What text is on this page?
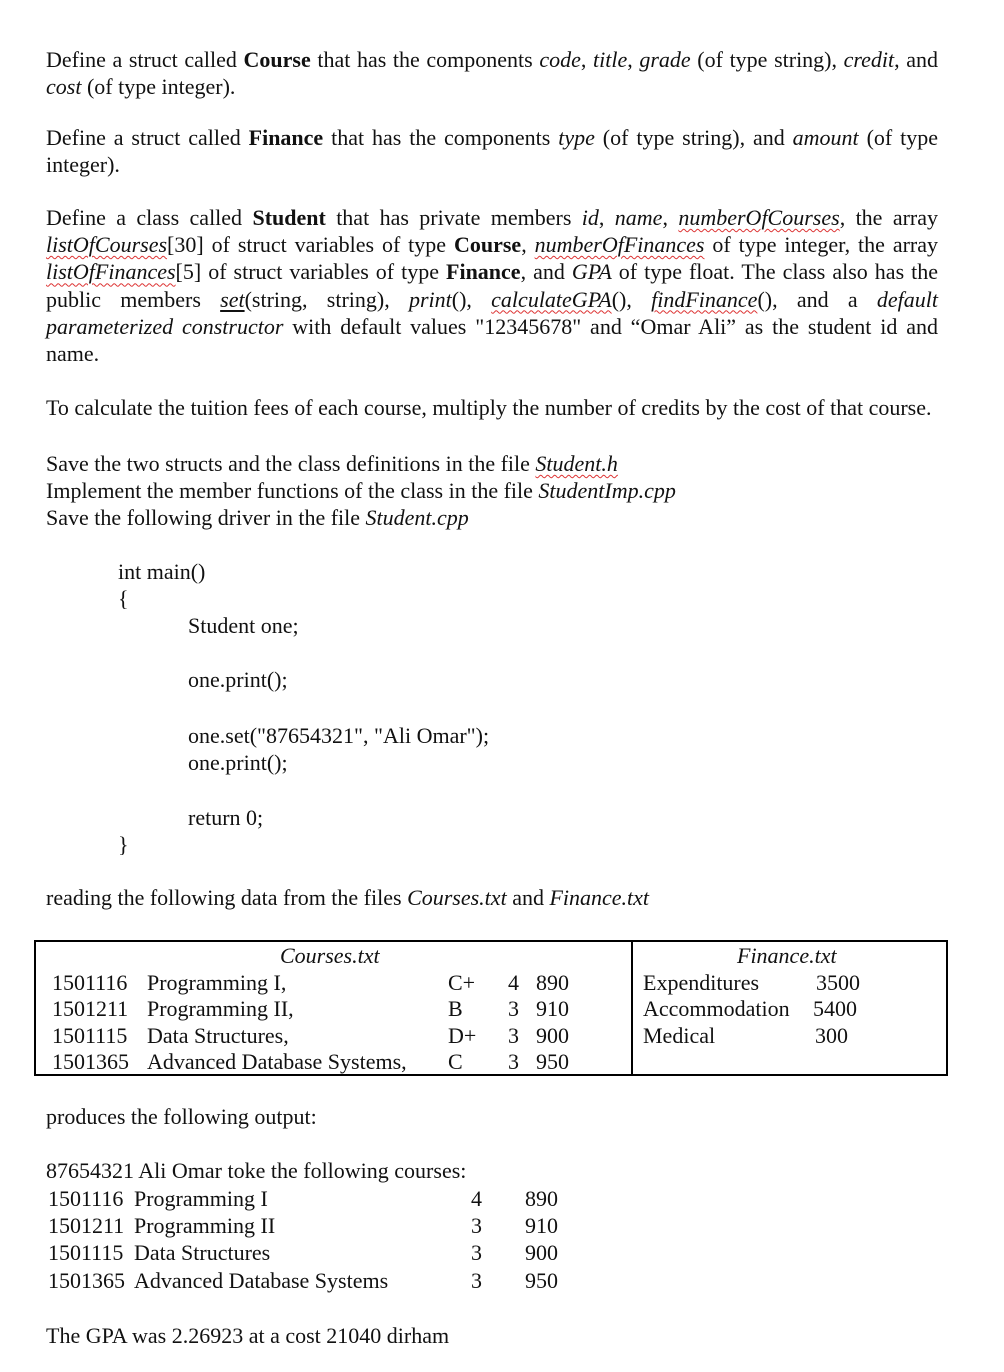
Define a struct called Course that has the components code, title, grade (of type string), credit, and cost (of type integer).

Define a struct called Finance that has the components type (of type string), and amount (of type integer).

Define a class called Student that has private members id, name, numberOfCourses, the array listOfCourses[30] of struct variables of type Course, numberOfFinances of type integer, the array listOfFinances[5] of struct variables of type Finance, and GPA of type float. The class also has the public members set(string, string), print(), calculateGPA(), findFinance(), and a default parameterized constructor with default values "12345678" and “Omar Ali” as the student id and name.

To calculate the tuition fees of each course, multiply the number of credits by the cost of that course.

Save the two structs and the class definitions in the file Student.h

Implement the member functions of the class in the file StudentImp.cpp

Save the following driver in the file Student.cpp

int main()

{

Student one;

one.print();

one.set("87654321", "Ali Omar");

one.print();

return 0;

}

reading the following data from the files Courses.txt and Finance.txt

Courses.txt
1501116 Programming I,	C+ 4 890
1501211 Programming II,	B 3 910
1501115 Data Structures,	D+ 3 900
1501365 Advanced Database Systems, C 3 950
Finance.txt
Expenditures	3500
Accommodation 5400
Medical	300

produces the following output:

87654321 Ali Omar toke the following courses:

1501116 Programming I	4 890
1501211 Programming II	3 910
1501115 Data Structures	3 900
1501365 Advanced Database Systems	3 950

The GPA was 2.26923 at a cost 21040 dirham
